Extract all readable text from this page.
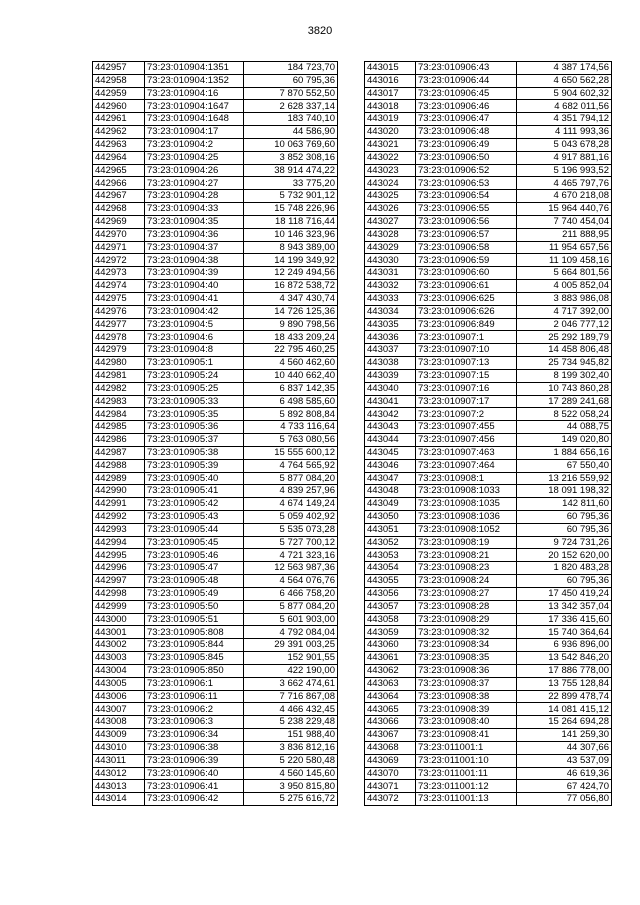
3820
442957	73:23:010904:1351	184 723,70
442958	73:23:010904:1352	60 795,36
442959	73:23:010904:16	7 870 552,50
442960	73:23:010904:1647	2 628 337,14
442961	73:23:010904:1648	183 740,10
442962	73:23:010904:17	44 586,90
442963	73:23:010904:2	10 063 769,60
442964	73:23:010904:25	3 852 308,16
442965	73:23:010904:26	38 914 474,22
442966	73:23:010904:27	33 775,20
442967	73:23:010904:28	5 732 901,12
442968	73:23:010904:33	15 748 226,96
442969	73:23:010904:35	18 118 716,44
442970	73:23:010904:36	10 146 323,96
442971	73:23:010904:37	8 943 389,00
442972	73:23:010904:38	14 199 349,92
442973	73:23:010904:39	12 249 494,56
442974	73:23:010904:40	16 872 538,72
442975	73:23:010904:41	4 347 430,74
442976	73:23:010904:42	14 726 125,36
442977	73:23:010904:5	9 890 798,56
442978	73:23:010904:6	18 433 209,24
442979	73:23:010904:8	22 795 460,25
442980	73:23:010905:1	4 560 462,60
442981	73:23:010905:24	10 440 662,40
442982	73:23:010905:25	6 837 142,35
442983	73:23:010905:33	6 498 585,60
442984	73:23:010905:35	5 892 808,84
442985	73:23:010905:36	4 733 116,64
442986	73:23:010905:37	5 763 080,56
442987	73:23:010905:38	15 555 600,12
442988	73:23:010905:39	4 764 565,92
442989	73:23:010905:40	5 877 084,20
442990	73:23:010905:41	4 839 257,96
442991	73:23:010905:42	4 674 149,24
442992	73:23:010905:43	5 059 402,92
442993	73:23:010905:44	5 535 073,28
442994	73:23:010905:45	5 727 700,12
442995	73:23:010905:46	4 721 323,16
442996	73:23:010905:47	12 563 987,36
442997	73:23:010905:48	4 564 076,76
442998	73:23:010905:49	6 466 758,20
442999	73:23:010905:50	5 877 084,20
443000	73:23:010905:51	5 601 903,00
443001	73:23:010905:808	4 792 084,04
443002	73:23:010905:844	29 391 003,25
443003	73:23:010905:845	152 901,55
443004	73:23:010905:850	422 190,00
443005	73:23:010906:1	3 662 474,61
443006	73:23:010906:11	7 716 867,08
443007	73:23:010906:2	4 466 432,45
443008	73:23:010906:3	5 238 229,48
443009	73:23:010906:34	151 988,40
443010	73:23:010906:38	3 836 812,16
443011	73:23:010906:39	5 220 580,48
443012	73:23:010906:40	4 560 145,60
443013	73:23:010906:41	3 950 815,80
443014	73:23:010906:42	5 275 616,72
443015	73:23:010906:43	4 387 174,56
443016	73:23:010906:44	4 650 562,28
443017	73:23:010906:45	5 904 602,32
443018	73:23:010906:46	4 682 011,56
443019	73:23:010906:47	4 351 794,12
443020	73:23:010906:48	4 111 993,36
443021	73:23:010906:49	5 043 678,28
443022	73:23:010906:50	4 917 881,16
443023	73:23:010906:52	5 196 993,52
443024	73:23:010906:53	4 465 797,76
443025	73:23:010906:54	4 670 218,08
443026	73:23:010906:55	15 964 440,76
443027	73:23:010906:56	7 740 454,04
443028	73:23:010906:57	211 888,95
443029	73:23:010906:58	11 954 657,56
443030	73:23:010906:59	11 109 458,16
443031	73:23:010906:60	5 664 801,56
443032	73:23:010906:61	4 005 852,04
443033	73:23:010906:625	3 883 986,08
443034	73:23:010906:626	4 717 392,00
443035	73:23:010906:849	2 046 777,12
443036	73:23:010907:1	25 292 189,79
443037	73:23:010907:10	14 458 806,48
443038	73:23:010907:13	25 734 945,82
443039	73:23:010907:15	8 199 302,40
443040	73:23:010907:16	10 743 860,28
443041	73:23:010907:17	17 289 241,68
443042	73:23:010907:2	8 522 058,24
443043	73:23:010907:455	44 088,75
443044	73:23:010907:456	149 020,80
443045	73:23:010907:463	1 884 656,16
443046	73:23:010907:464	67 550,40
443047	73:23:010908:1	13 216 559,92
443048	73:23:010908:1033	18 091 198,32
443049	73:23:010908:1035	142 811,60
443050	73:23:010908:1036	60 795,36
443051	73:23:010908:1052	60 795,36
443052	73:23:010908:19	9 724 731,26
443053	73:23:010908:21	20 152 620,00
443054	73:23:010908:23	1 820 483,28
443055	73:23:010908:24	60 795,36
443056	73:23:010908:27	17 450 419,24
443057	73:23:010908:28	13 342 357,04
443058	73:23:010908:29	17 336 415,60
443059	73:23:010908:32	15 740 364,64
443060	73:23:010908:34	6 936 896,00
443061	73:23:010908:35	13 542 846,20
443062	73:23:010908:36	17 886 778,00
443063	73:23:010908:37	13 755 128,84
443064	73:23:010908:38	22 899 478,74
443065	73:23:010908:39	14 081 415,12
443066	73:23:010908:40	15 264 694,28
443067	73:23:010908:41	141 259,30
443068	73:23:011001:1	44 307,66
443069	73:23:011001:10	43 537,09
443070	73:23:011001:11	46 619,36
443071	73:23:011001:12	67 424,70
443072	73:23:011001:13	77 056,80
